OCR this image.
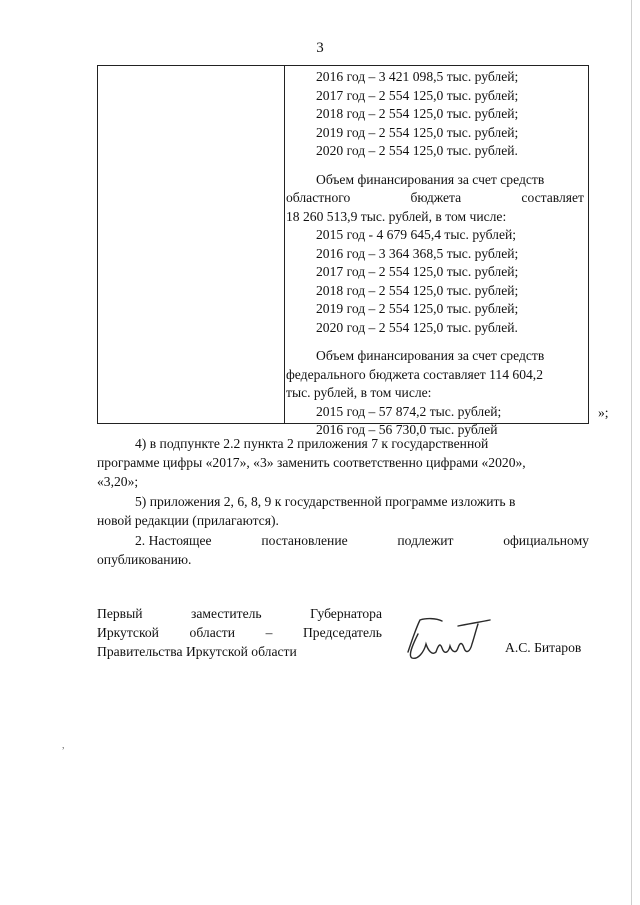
3
2016 год – 3 421 098,5 тыс. рублей;
2017 год – 2 554 125,0 тыс. рублей;
2018 год – 2 554 125,0 тыс. рублей;
2019 год – 2 554 125,0 тыс. рублей;
2020 год – 2 554 125,0 тыс. рублей.
Объем финансирования за счет средств
областного	бюджета	составляет
18 260 513,9 тыс. рублей, в том числе:
2015 год - 4 679 645,4 тыс. рублей;
2016 год – 3 364 368,5 тыс. рублей;
2017 год – 2 554 125,0 тыс. рублей;
2018 год – 2 554 125,0 тыс. рублей;
2019 год – 2 554 125,0 тыс. рублей;
2020 год – 2 554 125,0 тыс. рублей.
Объем финансирования за счет средств
федерального бюджета составляет 114 604,2
тыс. рублей, в том числе:
2015 год – 57 874,2 тыс. рублей;
2016 год – 56 730,0 тыс. рублей
»;
4) в подпункте 2.2 пункта 2 приложения 7 к государственной
программе цифры «2017», «3» заменить соответственно цифрами «2020»,
«3,20»;
5) приложения 2, 6, 8, 9 к государственной программе изложить в
новой редакции (прилагаются).
2. Настоящее	постановление	подлежит	официальному
опубликованию.
Первый	заместитель	Губернатора
Иркутской области – Председатель
Правительства Иркутской области	А.С. Битаров
,
